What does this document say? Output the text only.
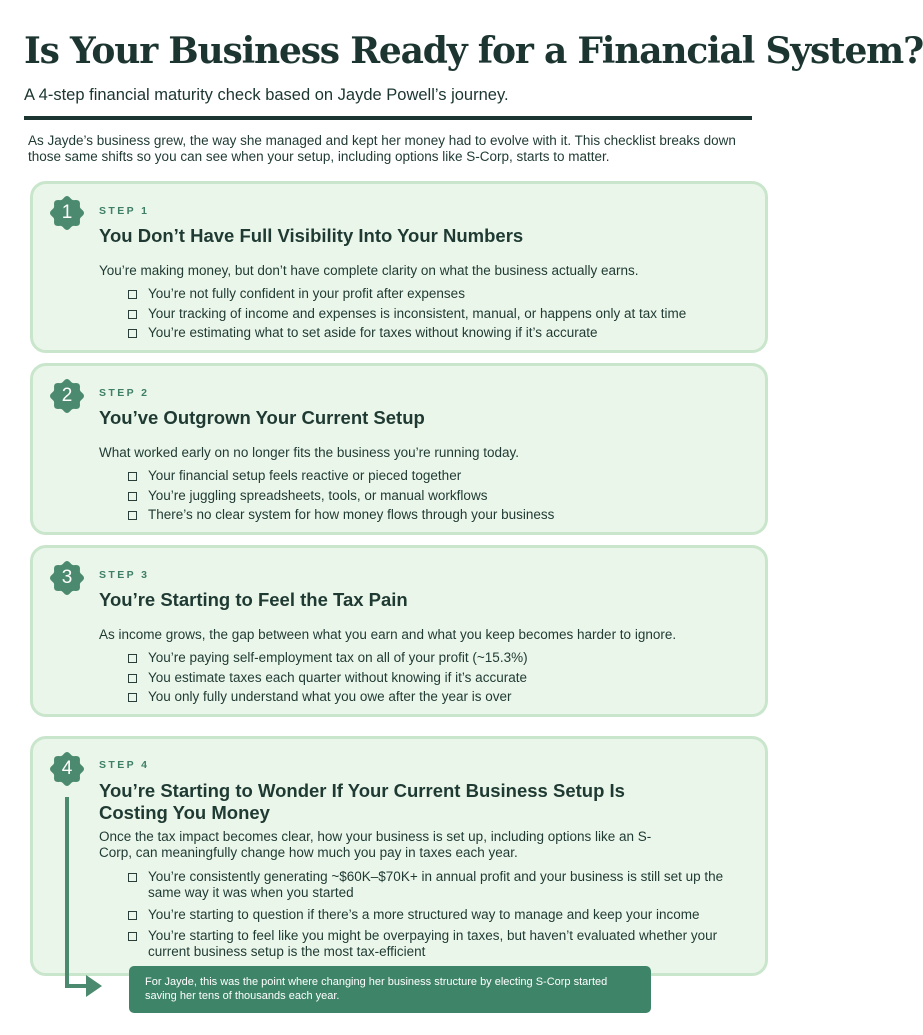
Is Your Business Ready for a Financial System?
A 4-step financial maturity check based on Jayde Powell’s journey.
As Jayde’s business grew, the way she managed and kept her money had to evolve with it. This checklist breaks down those same shifts so you can see when your setup, including options like S-Corp, starts to matter.
1	STEP 1
You Don’t Have Full Visibility Into Your Numbers
You’re making money, but don’t have complete clarity on what the business actually earns.
You’re not fully confident in your profit after expenses
Your tracking of income and expenses is inconsistent, manual, or happens only at tax time
You’re estimating what to set aside for taxes without knowing if it’s accurate
2	STEP 2
You’ve Outgrown Your Current Setup
What worked early on no longer fits the business you’re running today.
Your financial setup feels reactive or pieced together
You’re juggling spreadsheets, tools, or manual workflows
There’s no clear system for how money flows through your business
3	STEP 3
You’re Starting to Feel the Tax Pain
As income grows, the gap between what you earn and what you keep becomes harder to ignore.
You’re paying self-employment tax on all of your profit (~15.3%)
You estimate taxes each quarter without knowing if it’s accurate
You only fully understand what you owe after the year is over
4	STEP 4
You’re Starting to Wonder If Your Current Business Setup Is Costing You Money
Once the tax impact becomes clear, how your business is set up, including options like an S-Corp, can meaningfully change how much you pay in taxes each year.
You’re consistently generating ~$60K–$70K+ in annual profit and your business is still set up the same way it was when you started
You’re starting to question if there’s a more structured way to manage and keep your income
You’re starting to feel like you might be overpaying in taxes, but haven’t evaluated whether your current business setup is the most tax-efficient
For Jayde, this was the point where changing her business structure by electing S-Corp started saving her tens of thousands each year.
